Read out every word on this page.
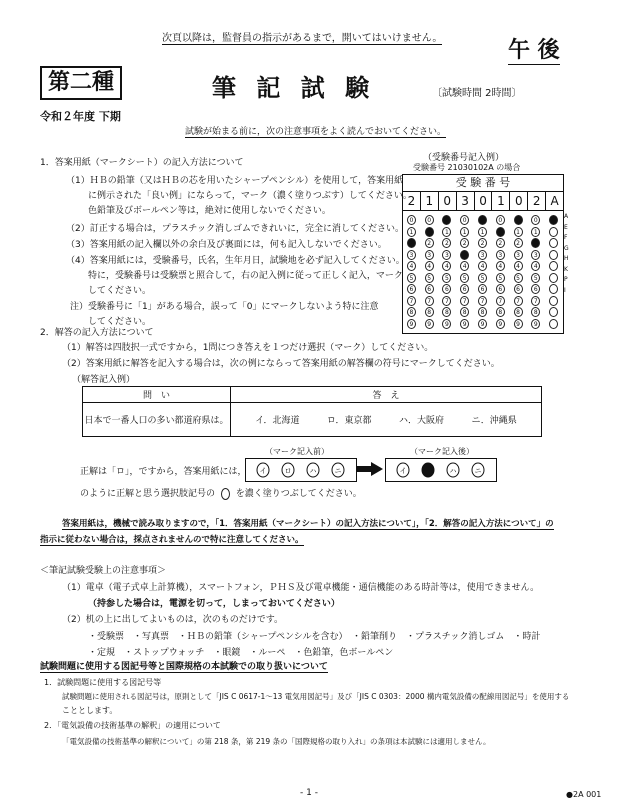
次頁以降は，監督員の指示があるまで，開いてはいけません。	午 後
第二種	筆 記 試 験	〔試験時間 2時間〕
令和２年度 下期
試験が始まる前に，次の注意事項をよく読んでおいてください。
1．答案用紙（マークシート）の記入方法について
（1）ＨＢの鉛筆（又はＨＢの芯を用いたシャープペンシル）を使用して，答案用紙
に例示された「良い例」にならって，マーク（濃く塗りつぶす）してください。
色鉛筆及びボールペン等は，絶対に使用しないでください。
（2）訂正する場合は，プラスチック消しゴムできれいに，完全に消してください。
（3）答案用紙の記入欄以外の余白及び裏面には，何も記入しないでください。
（4）答案用紙には，受験番号，氏名，生年月日，試験地を必ず記入してください。
特に，受験番号は受験票と照合して，右の記入例に従って正しく記入，マーク
してください。
注）受験番号に「1」がある場合，誤って「0」にマークしないよう特に注意
してください。
（受験番号記入例）
受験番号 21030102A の場合
受 験 番 号
2 1 0 3 0 1 0 2 A
0	0	0	0	0	0	0	0
1	1	1	1	1	1	1	1
2	2	2	2	2	2	2	2
3	3	3	3	3	3	3	3
4	4	4	4	4	4	4	4
5	5	5	5	5	5	5	5
6	6	6	6	6	6	6	6
7	7	7	7	7	7	7	7
8	8	8	8	8	8	8	8
9	9	9	9	9	9	9	9
A
E
F
G
H
K
P
I
2．解答の記入方法について
（1）解答は四肢択一式ですから，1問につき答えを１つだけ選択（マーク）してください。
（2）答案用紙に解答を記入する場合は，次の例にならって答案用紙の解答欄の符号にマークしてください。
（解答記入例）
問　い	答　え
日本で一番人口の多い都道府県は。	イ．北海道 ロ．東京都 ハ．大阪府 ニ．沖縄県
（マーク記入前）	（マーク記入後）
正解は「ロ」，ですから，答案用紙には， イ	ロ	ハ	ニ	イ	ハ	ニ
のように正解と思う選択肢記号の を濃く塗りつぶしてください。
答案用紙は，機械で読み取りますので，「1．答案用紙（マークシート）の記入方法について」，「2．解答の記入方法について」の
指示に従わない場合は，採点されませんので特に注意してください。
＜筆記試験受験上の注意事項＞
（1）電卓（電子式卓上計算機），スマートフォン，ＰＨＳ及び電卓機能・通信機能のある時計等は，使用できません。
（持参した場合は，電源を切って，しまっておいてください）
（2）机の上に出してよいものは，次のものだけです。
・受験票　・写真票　・ＨＢの鉛筆（シャープペンシルを含む）　・鉛筆削り　・プラスチック消しゴム　・時計
・定規　・ストップウォッチ　・眼鏡　・ルーペ　・色鉛筆，色ボールペン
試験問題に使用する図記号等と国際規格の本試験での取り扱いについて
1．試験問題に使用する図記号等
試験問題に使用される図記号は，原則として「JIS C 0617-1～13 電気用図記号」及び「JIS C 0303：2000 構内電気設備の配線用図記号」を使用する
こととします。
2．「電気設備の技術基準の解釈」の適用について
「電気設備の技術基準の解釈について」の第 218 条，第 219 条の「国際規格の取り入れ」の条項は本試験には適用しません。
- 1 -	●2A 001
